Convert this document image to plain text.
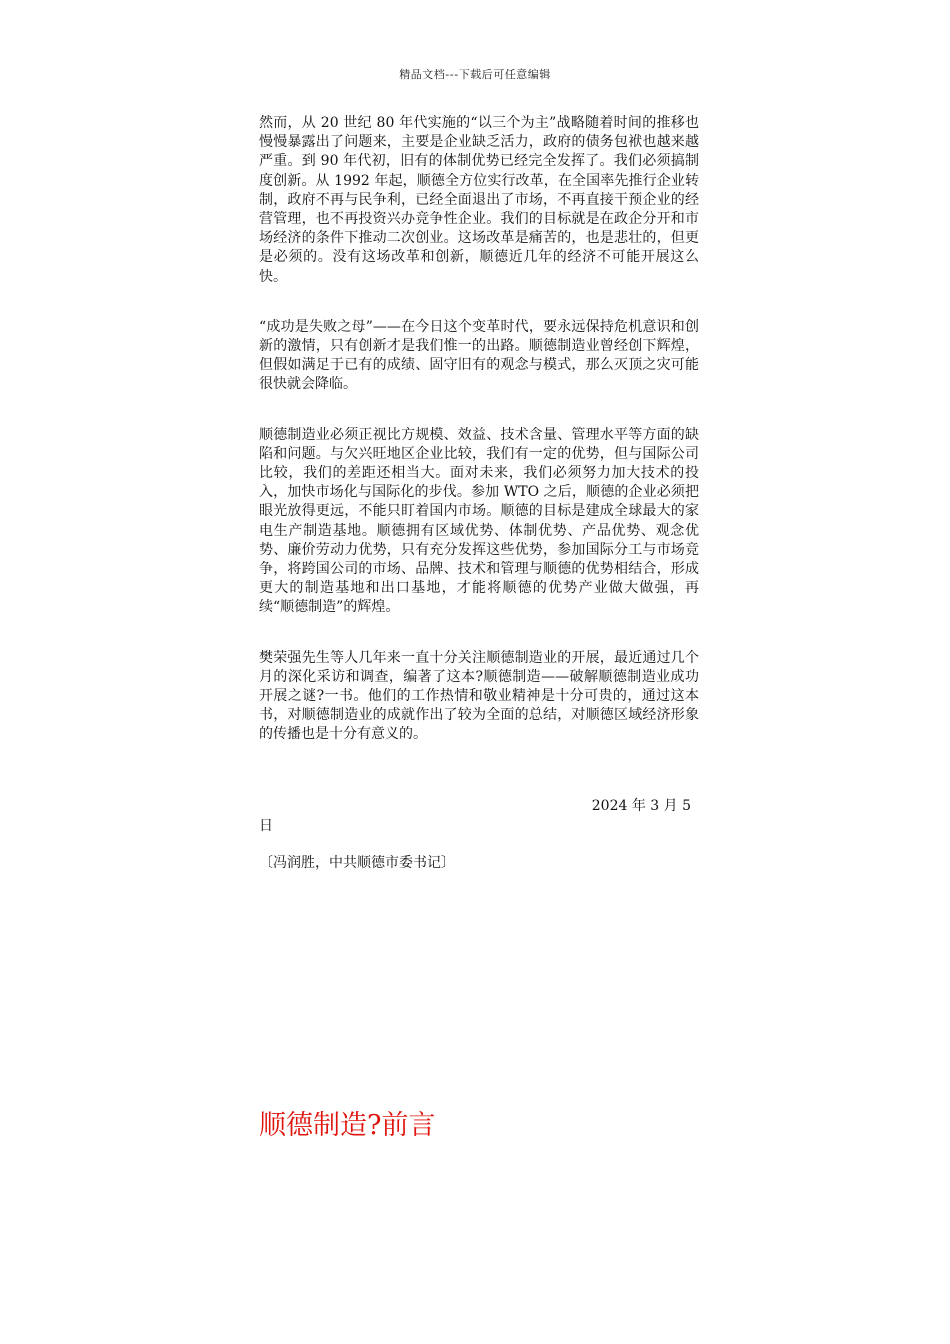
精品文档---下载后可任意编辑

然而，从 20 世纪 80 年代实施的“以三个为主”战略随着时间的推移也慢慢暴露出了问题来，主要是企业缺乏活力，政府的债务包袱也越来越严重。到 90 年代初，旧有的体制优势已经完全发挥了。我们必须搞制度创新。从 1992 年起，顺德全方位实行改革，在全国率先推行企业转制，政府不再与民争利，已经全面退出了市场，不再直接干预企业的经营管理，也不再投资兴办竞争性企业。我们的目标就是在政企分开和市场经济的条件下推动二次创业。这场改革是痛苦的，也是悲壮的，但更是必须的。没有这场改革和创新，顺德近几年的经济不可能开展这么快。

“成功是失败之母”——在今日这个变革时代，要永远保持危机意识和创新的激情，只有创新才是我们惟一的出路。顺德制造业曾经创下辉煌，但假如满足于已有的成绩、固守旧有的观念与模式，那么灭顶之灾可能很快就会降临。

顺德制造业必须正视比方规模、效益、技术含量、管理水平等方面的缺陷和问题。与欠兴旺地区企业比较，我们有一定的优势，但与国际公司比较，我们的差距还相当大。面对未来，我们必须努力加大技术的投入，加快市场化与国际化的步伐。参加 WTO 之后，顺德的企业必须把眼光放得更远，不能只盯着国内市场。顺德的目标是建成全球最大的家电生产制造基地。顺德拥有区域优势、体制优势、产品优势、观念优势、廉价劳动力优势，只有充分发挥这些优势，参加国际分工与市场竞争，将跨国公司的市场、品牌、技术和管理与顺德的优势相结合，形成更大的制造基地和出口基地，才能将顺德的优势产业做大做强，再续“顺德制造”的辉煌。

樊荣强先生等人几年来一直十分关注顺德制造业的开展，最近通过几个月的深化采访和调查，编著了这本?顺德制造——破解顺德制造业成功开展之谜?一书。他们的工作热情和敬业精神是十分可贵的，通过这本书，对顺德制造业的成就作出了较为全面的总结，对顺德区域经济形象的传播也是十分有意义的。

2024 年 3 月 5
日
〔冯润胜，中共顺德市委书记〕
顺德制造?前言
